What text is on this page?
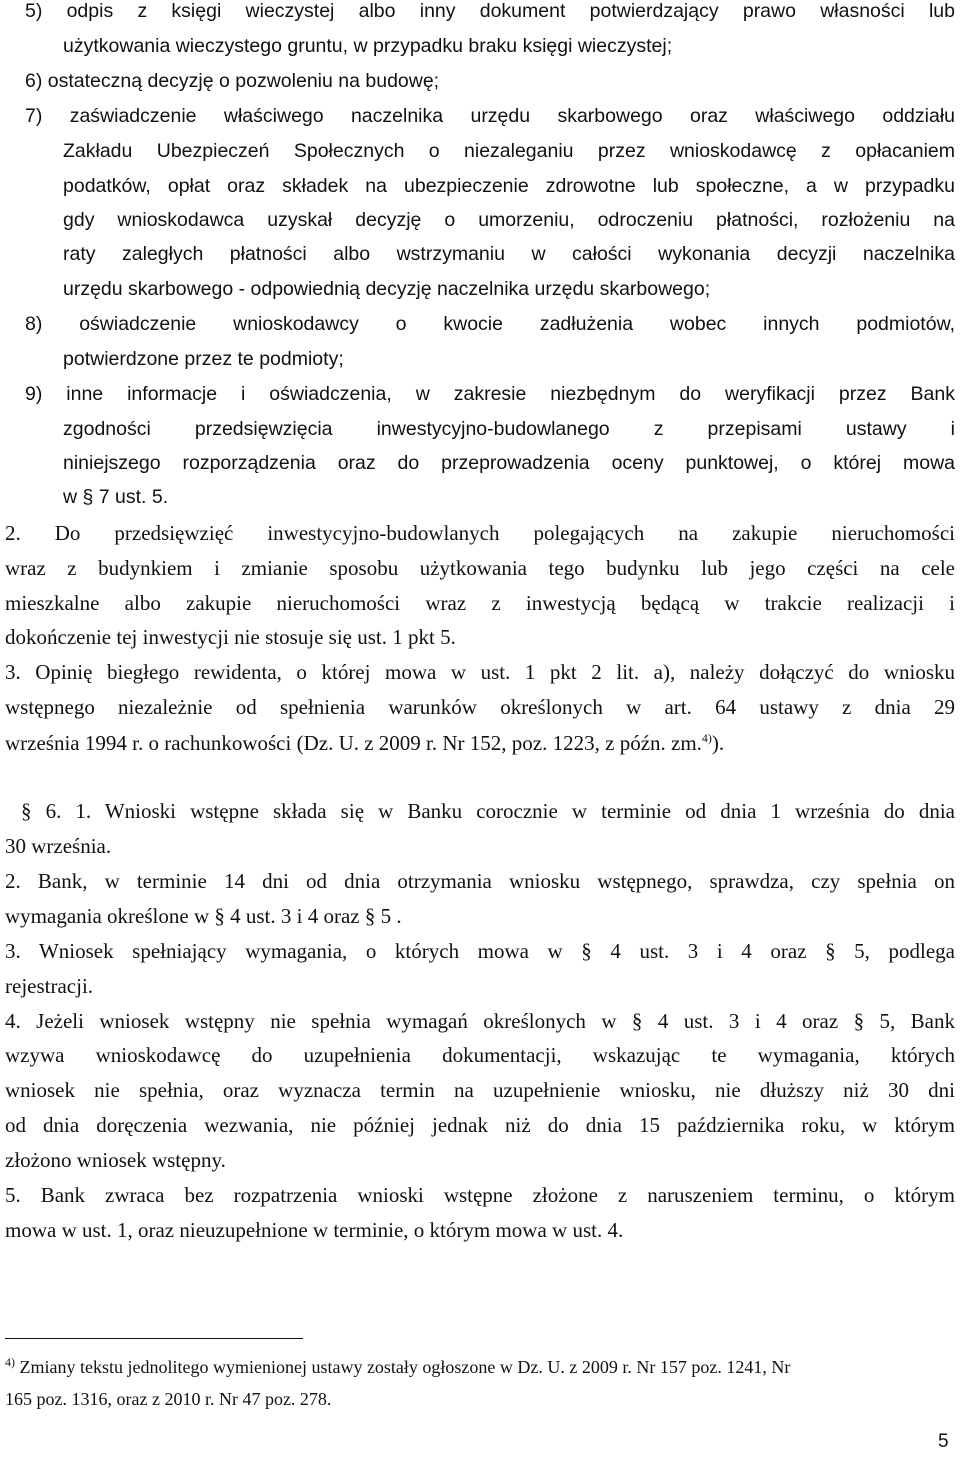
5) odpis z księgi wieczystej albo inny dokument potwierdzający prawo własności lub
użytkowania wieczystego gruntu, w przypadku braku księgi wieczystej;
6) ostateczną decyzję o pozwoleniu na budowę;
7) zaświadczenie właściwego naczelnika urzędu skarbowego oraz właściwego oddziału
Zakładu Ubezpieczeń Społecznych o niezaleganiu przez wnioskodawcę z opłacaniem
podatków, opłat oraz składek na ubezpieczenie zdrowotne lub społeczne, a w przypadku
gdy wnioskodawca uzyskał decyzję o umorzeniu, odroczeniu płatności, rozłożeniu na
raty zaległych płatności albo wstrzymaniu w całości wykonania decyzji naczelnika
urzędu skarbowego - odpowiednią decyzję naczelnika urzędu skarbowego;
8) oświadczenie wnioskodawcy o kwocie zadłużenia wobec innych podmiotów,
potwierdzone przez te podmioty;
9) inne informacje i oświadczenia, w zakresie niezbędnym do weryfikacji przez Bank
zgodności przedsięwzięcia inwestycyjno-budowlanego z przepisami ustawy i
niniejszego rozporządzenia oraz do przeprowadzenia oceny punktowej, o której mowa
w § 7 ust. 5.
2. Do przedsięwzięć inwestycyjno-budowlanych polegających na zakupie nieruchomości
wraz z budynkiem i zmianie sposobu użytkowania tego budynku lub jego części na cele
mieszkalne albo zakupie nieruchomości wraz z inwestycją będącą w trakcie realizacji i
dokończenie tej inwestycji nie stosuje się ust. 1 pkt 5.
3. Opinię biegłego rewidenta, o której mowa w ust. 1 pkt 2 lit. a), należy dołączyć do wniosku
wstępnego niezależnie od spełnienia warunków określonych w art. 64 ustawy z dnia 29
września 1994 r. o rachunkowości (Dz. U. z 2009 r. Nr 152, poz. 1223, z późn. zm.$^{4)}$).
§ 6. 1. Wnioski wstępne składa się w Banku corocznie w terminie od dnia 1 września do dnia
30 września.
2. Bank, w terminie 14 dni od dnia otrzymania wniosku wstępnego, sprawdza, czy spełnia on
wymagania określone w § 4 ust. 3 i 4 oraz § 5 .
3. Wniosek spełniający wymagania, o których mowa w § 4 ust. 3 i 4 oraz § 5, podlega
rejestracji.
4. Jeżeli wniosek wstępny nie spełnia wymagań określonych w § 4 ust. 3 i 4 oraz § 5, Bank
wzywa wnioskodawcę do uzupełnienia dokumentacji, wskazując te wymagania, których
wniosek nie spełnia, oraz wyznacza termin na uzupełnienie wniosku, nie dłuższy niż 30 dni
od dnia doręczenia wezwania, nie później jednak niż do dnia 15 października roku, w którym
złożono wniosek wstępny.
5. Bank zwraca bez rozpatrzenia wnioski wstępne złożone z naruszeniem terminu, o którym
mowa w ust. 1, oraz nieuzupełnione w terminie, o którym mowa w ust. 4.
$^{4)}$ Zmiany tekstu jednolitego wymienionej ustawy zostały ogłoszone w Dz. U. z 2009 r. Nr 157 poz. 1241, Nr
165 poz. 1316, oraz z 2010 r. Nr 47 poz. 278.
5
